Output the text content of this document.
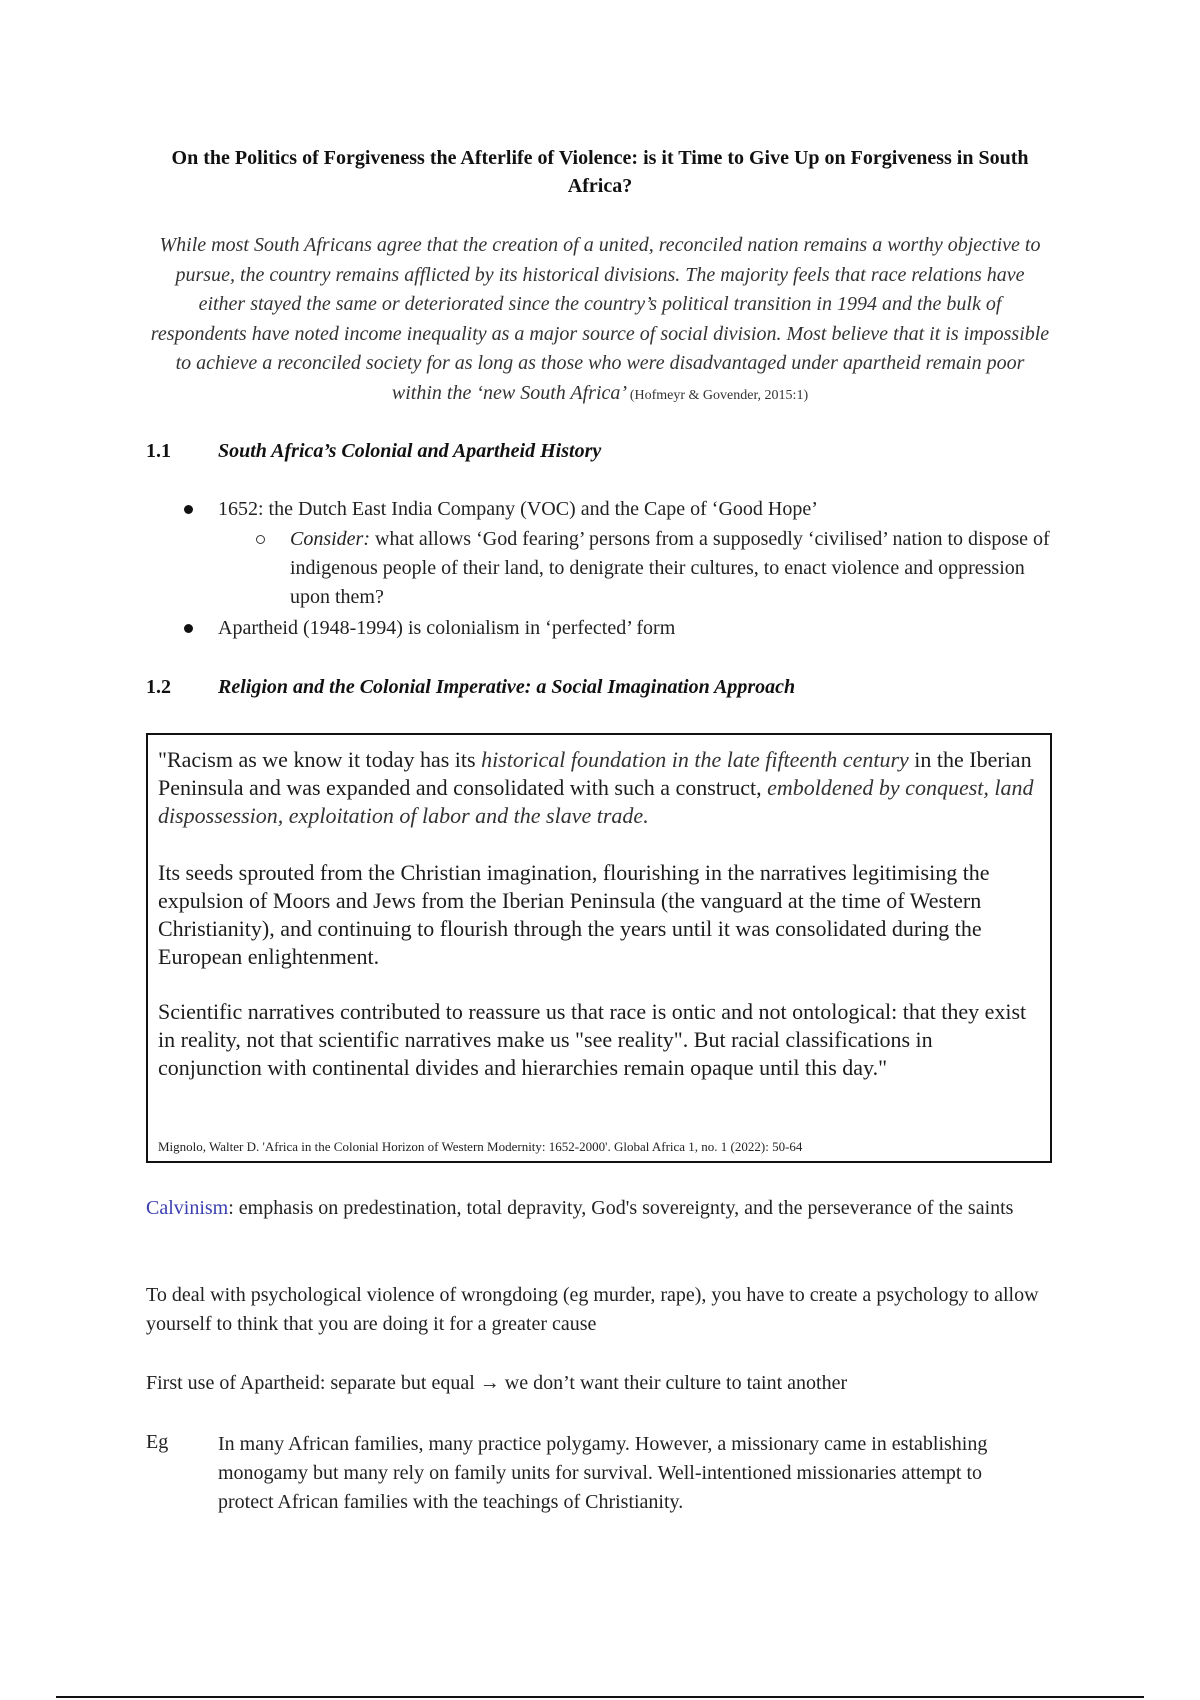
On the Politics of Forgiveness the Afterlife of Violence: is it Time to Give Up on Forgiveness in South Africa?
While most South Africans agree that the creation of a united, reconciled nation remains a worthy objective to pursue, the country remains afflicted by its historical divisions. The majority feels that race relations have either stayed the same or deteriorated since the country’s political transition in 1994 and the bulk of respondents have noted income inequality as a major source of social division. Most believe that it is impossible to achieve a reconciled society for as long as those who were disadvantaged under apartheid remain poor within the ‘new South Africa’ (Hofmeyr & Govender, 2015:1)
1.1 South Africa’s Colonial and Apartheid History
1652: the Dutch East India Company (VOC) and the Cape of ‘Good Hope’
Consider: what allows ‘God fearing’ persons from a supposedly ‘civilised’ nation to dispose of indigenous people of their land, to denigrate their cultures, to enact violence and oppression upon them?
Apartheid (1948-1994) is colonialism in ‘perfected’ form
1.2 Religion and the Colonial Imperative: a Social Imagination Approach
"Racism as we know it today has its historical foundation in the late fifteenth century in the Iberian Peninsula and was expanded and consolidated with such a construct, emboldened by conquest, land dispossession, exploitation of labor and the slave trade.
Its seeds sprouted from the Christian imagination, flourishing in the narratives legitimising the expulsion of Moors and Jews from the Iberian Peninsula (the vanguard at the time of Western Christianity), and continuing to flourish through the years until it was consolidated during the European enlightenment.
Scientific narratives contributed to reassure us that race is ontic and not ontological: that they exist in reality, not that scientific narratives make us "see reality". But racial classifications in conjunction with continental divides and hierarchies remain opaque until this day."
Mignolo, Walter D. 'Africa in the Colonial Horizon of Western Modernity: 1652-2000'. Global Africa 1, no. 1 (2022): 50-64
Calvinism: emphasis on predestination, total depravity, God's sovereignty, and the perseverance of the saints
To deal with psychological violence of wrongdoing (eg murder, rape), you have to create a psychology to allow yourself to think that you are doing it for a greater cause
First use of Apartheid: separate but equal → we don’t want their culture to taint another
Eg In many African families, many practice polygamy. However, a missionary came in establishing monogamy but many rely on family units for survival. Well-intentioned missionaries attempt to protect African families with the teachings of Christianity.
